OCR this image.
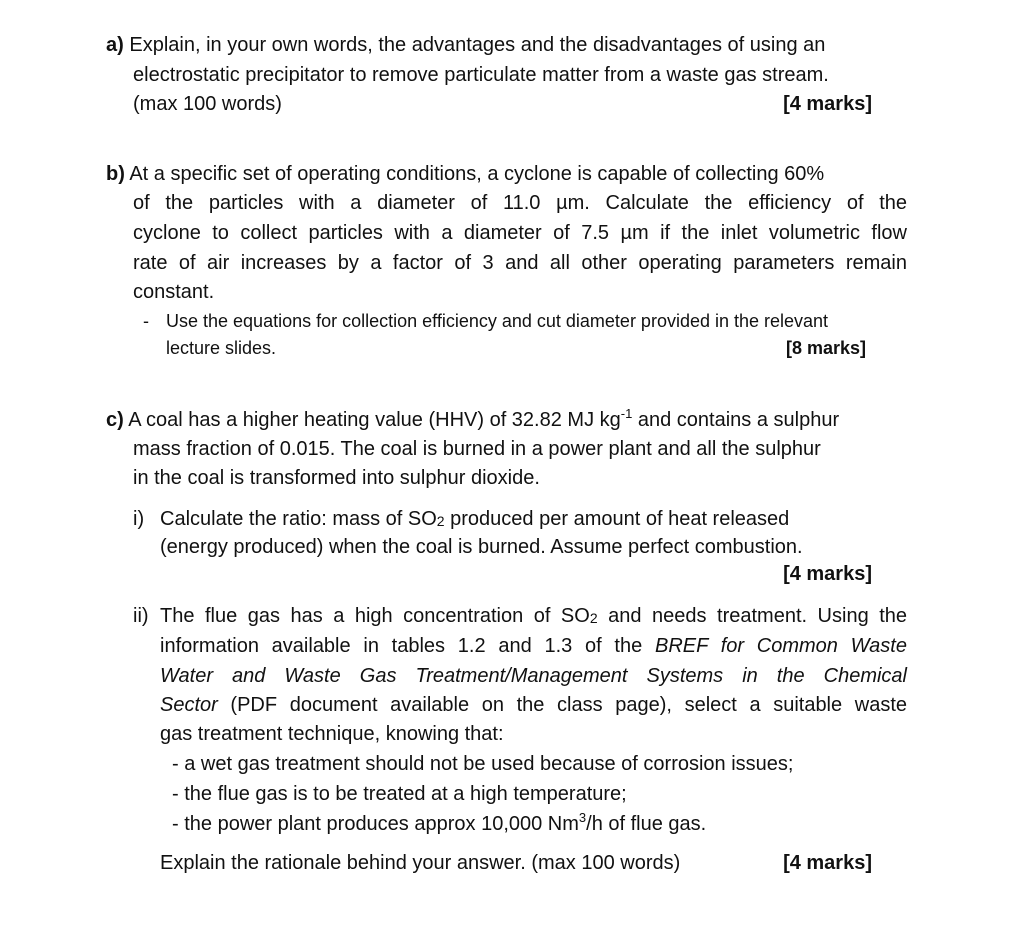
a) Explain, in your own words, the advantages and the disadvantages of using an
electrostatic precipitator to remove particulate matter from a waste gas stream.
(max 100 words)	[4 marks]
b) At a specific set of operating conditions, a cyclone is capable of collecting 60%
of the particles with a diameter of 11.0 µm. Calculate the efficiency of the
cyclone to collect particles with a diameter of 7.5 µm if the inlet volumetric flow
rate of air increases by a factor of 3 and all other operating parameters remain
constant.
- Use the equations for collection efficiency and cut diameter provided in the relevant
lecture slides.	[8 marks]
c) A coal has a higher heating value (HHV) of 32.82 MJ $kg^{-1}$ and contains a sulphur
mass fraction of 0.015. The coal is burned in a power plant and all the sulphur
in the coal is transformed into sulphur dioxide.
i) Calculate the ratio: mass of $SO_2$ produced per amount of heat released
(energy produced) when the coal is burned. Assume perfect combustion.
[4 marks]
ii) The flue gas has a high concentration of $SO_2$ and needs treatment. Using the
information available in tables 1.2 and 1.3 of the BREF for Common Waste
Water and Waste Gas Treatment/Management Systems in the Chemical
Sector (PDF document available on the class page), select a suitable waste
gas treatment technique, knowing that:
- a wet gas treatment should not be used because of corrosion issues;
- the flue gas is to be treated at a high temperature;
- the power plant produces approx 10,000 Nm$^3$/h of flue gas.
Explain the rationale behind your answer. (max 100 words)	[4 marks]
